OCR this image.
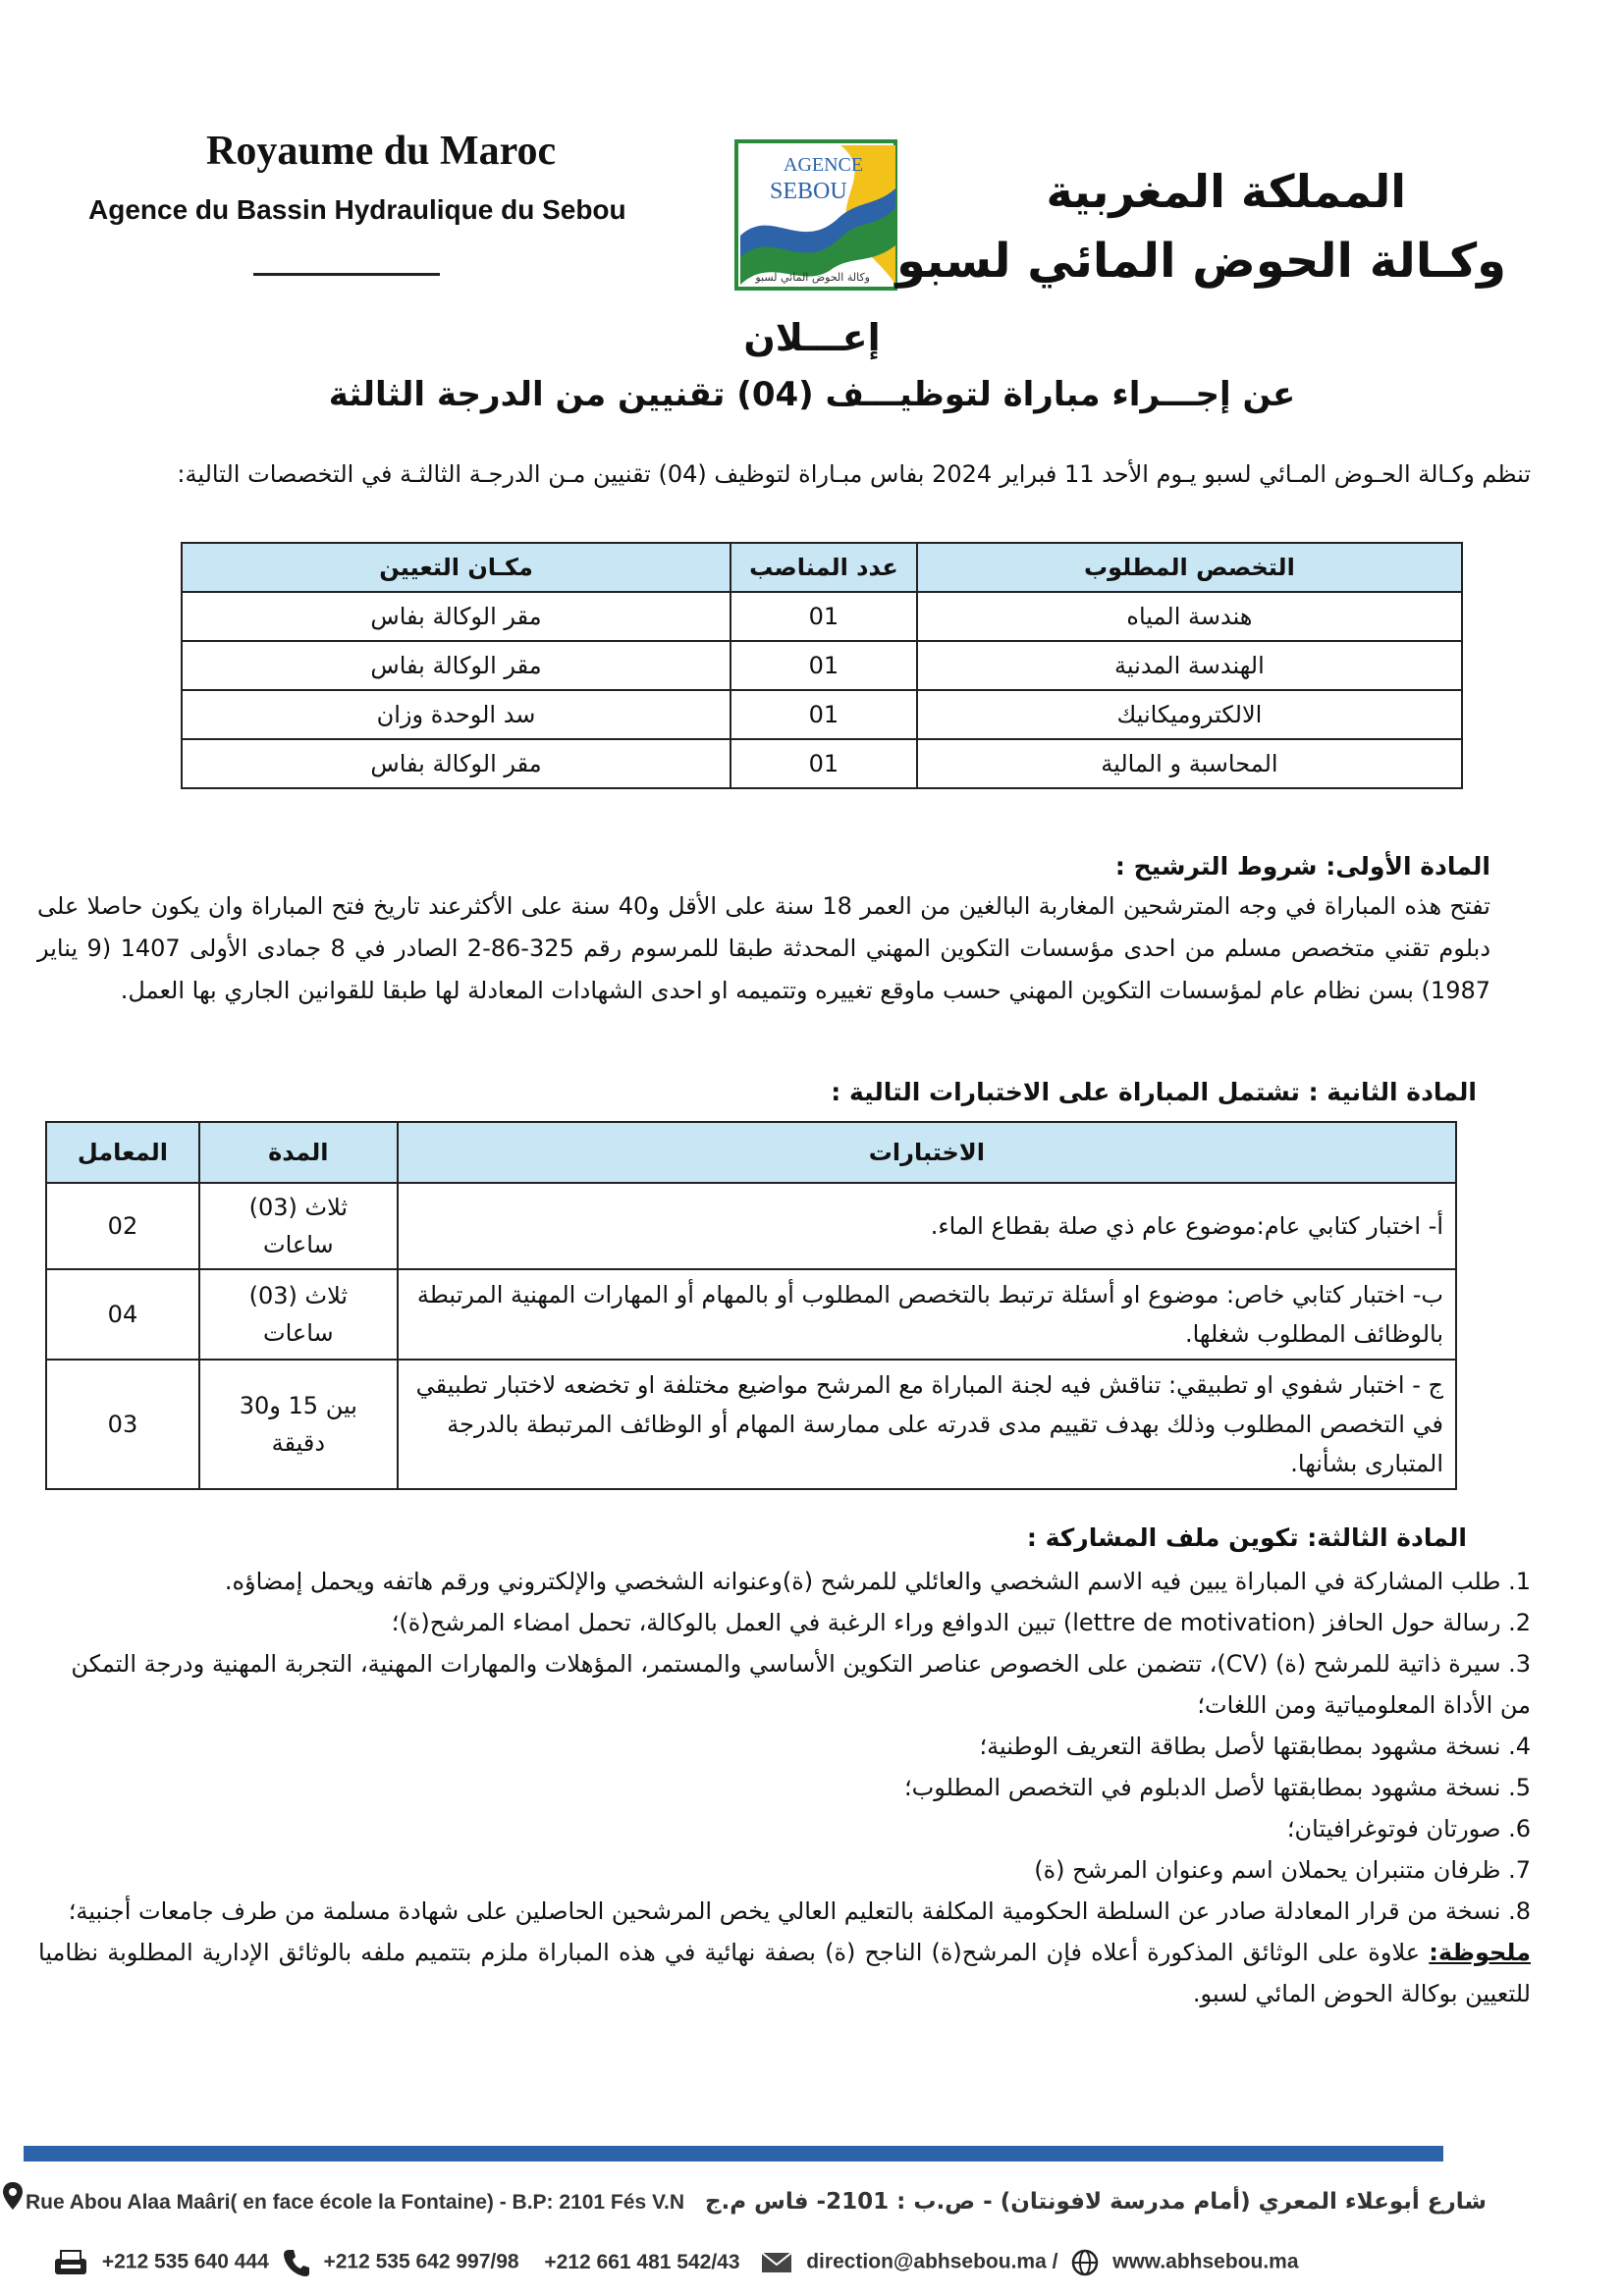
Royaume du Maroc
Agence du Bassin Hydraulique du Sebou
AGENCE
SEBOU
وكالة الحوض المائي لسبو
المملكة المغربية
وكـالة الحوض المائي لسبو
إعـــلان
عن إجـــراء مباراة لتوظيـــف (04) تقنيين من الدرجة الثالثة
تنظم وكـالة الحـوض المـائي لسبو يـوم الأحد 11 فبراير 2024 بفاس مبـاراة لتوظيف (04) تقنيين مـن الدرجـة الثالثـة في التخصصات التالية:
التخصص المطلوب	عدد المناصب	مكـان التعيين
هندسة المياه	01	مقر الوكالة بفاس
الهندسة المدنية	01	مقر الوكالة بفاس
الالكتروميكانيك	01	سد الوحدة وزان
المحاسبة و المالية	01	مقر الوكالة بفاس
المادة الأولى: شروط الترشيح :
تفتح هذه المباراة في وجه المترشحين المغاربة البالغين من العمر 18 سنة على الأقل و40 سنة على الأكثرعند تاريخ فتح المباراة وان يكون حاصلا على دبلوم تقني متخصص مسلم من احدى مؤسسات التكوين المهني المحدثة طبقا للمرسوم رقم 325-86-2 الصادر في 8 جمادى الأولى 1407 (9 يناير 1987) بسن نظام عام لمؤسسات التكوين المهني حسب ماوقع تغييره وتتميمه او احدى الشهادات المعادلة لها طبقا للقوانين الجاري بها العمل.
المادة الثانية : تشتمل المباراة على الاختبارات التالية :
الاختبارات	المدة	المعامل
أ- اختبار كتابي عام:موضوع عام ذي صلة بقطاع الماء.	ثلاث (03) ساعات	02
ب- اختبار كتابي خاص: موضوع او أسئلة ترتبط بالتخصص المطلوب أو بالمهام أو المهارات المهنية المرتبطة بالوظائف المطلوب شغلها.	ثلاث (03) ساعات	04
ج - اختبار شفوي او تطبيقي: تناقش فيه لجنة المباراة مع المرشح مواضيع مختلفة او تخضعه لاختبار تطبيقي في التخصص المطلوب وذلك بهدف تقييم مدى قدرته على ممارسة المهام أو الوظائف المرتبطة بالدرجة المتبارى بشأنها.	بين 15 و30 دقيقة	03
المادة الثالثة: تكوين ملف المشاركة :

1. طلب المشاركة في المباراة يبين فيه الاسم الشخصي والعائلي للمرشح (ة)وعنوانه الشخصي والإلكتروني ورقم هاتفه ويحمل إمضاؤه.

2. رسالة حول الحافز (lettre de motivation) تبين الدوافع وراء الرغبة في العمل بالوكالة، تحمل امضاء المرشح(ة)؛

3. سيرة ذاتية للمرشح (ة) (CV)، تتضمن على الخصوص عناصر التكوين الأساسي والمستمر، المؤهلات والمهارات المهنية، التجربة المهنية ودرجة التمكن من الأداة المعلومياتية ومن اللغات؛

4. نسخة مشهود بمطابقتها لأصل بطاقة التعريف الوطنية؛

5. نسخة مشهود بمطابقتها لأصل الدبلوم في التخصص المطلوب؛

6. صورتان فوتوغرافيتان؛

7. ظرفان متنبران يحملان اسم وعنوان المرشح (ة)

8. نسخة من قرار المعادلة صادر عن السلطة الحكومية المكلفة بالتعليم العالي يخص المرشحين الحاصلين على شهادة مسلمة من طرف جامعات أجنبية؛

ملحوظة: علاوة على الوثائق المذكورة أعلاه فإن المرشح(ة) الناجح (ة) بصفة نهائية في هذه المباراة ملزم بتتميم ملفه بالوثائق الإدارية المطلوبة نظاميا للتعيين بوكالة الحوض المائي لسبو.

Rue Abou Alaa Maâri( en face école la Fontaine) - B.P: 2101 Fés V.N شارع أبوعلاء المعري (أمام مدرسة لافونتان) - ص.ب : 2101- فاس م.ج
+212 535 640 444	+212 535 642 997/98 +212 661 481 542/43	direction@abhsebou.ma /	www.abhsebou.ma
